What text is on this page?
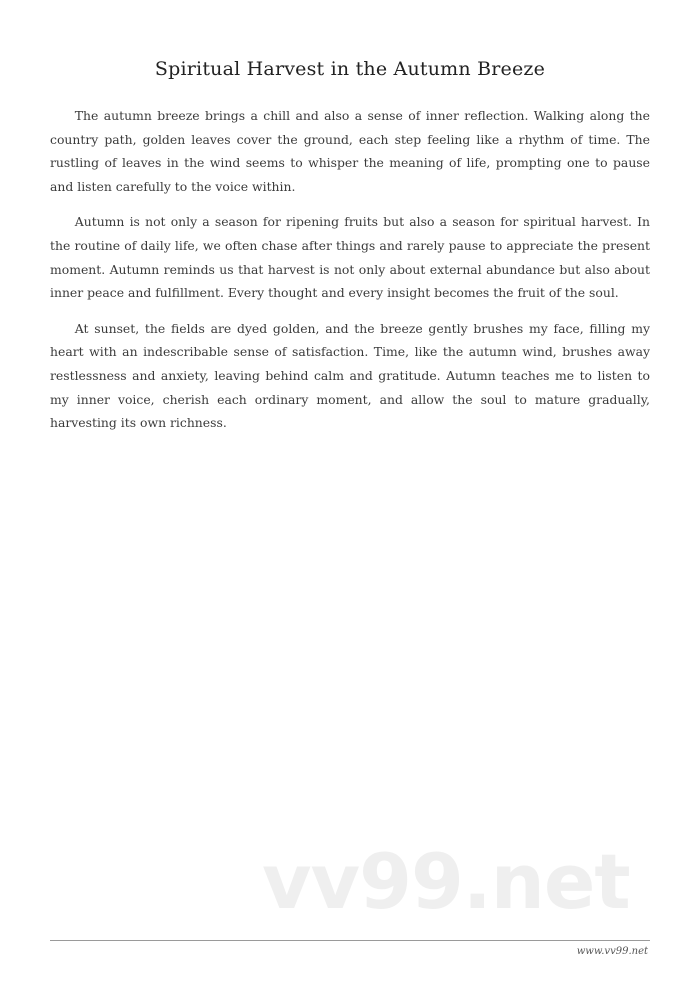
Spiritual Harvest in the Autumn Breeze

The autumn breeze brings a chill and also a sense of inner reflection. Walking along the country path, golden leaves cover the ground, each step feeling like a rhythm of time. The rustling of leaves in the wind seems to whisper the meaning of life, prompting one to pause and listen carefully to the voice within.

Autumn is not only a season for ripening fruits but also a season for spiritual harvest. In the routine of daily life, we often chase after things and rarely pause to appreciate the present moment. Autumn reminds us that harvest is not only about external abundance but also about inner peace and fulfillment. Every thought and every insight becomes the fruit of the soul.

At sunset, the fields are dyed golden, and the breeze gently brushes my face, filling my heart with an indescribable sense of satisfaction. Time, like the autumn wind, brushes away restlessness and anxiety, leaving behind calm and gratitude. Autumn teaches me to listen to my inner voice, cherish each ordinary moment, and allow the soul to mature gradually, harvesting its own richness.

vv99.net
www.vv99.net
